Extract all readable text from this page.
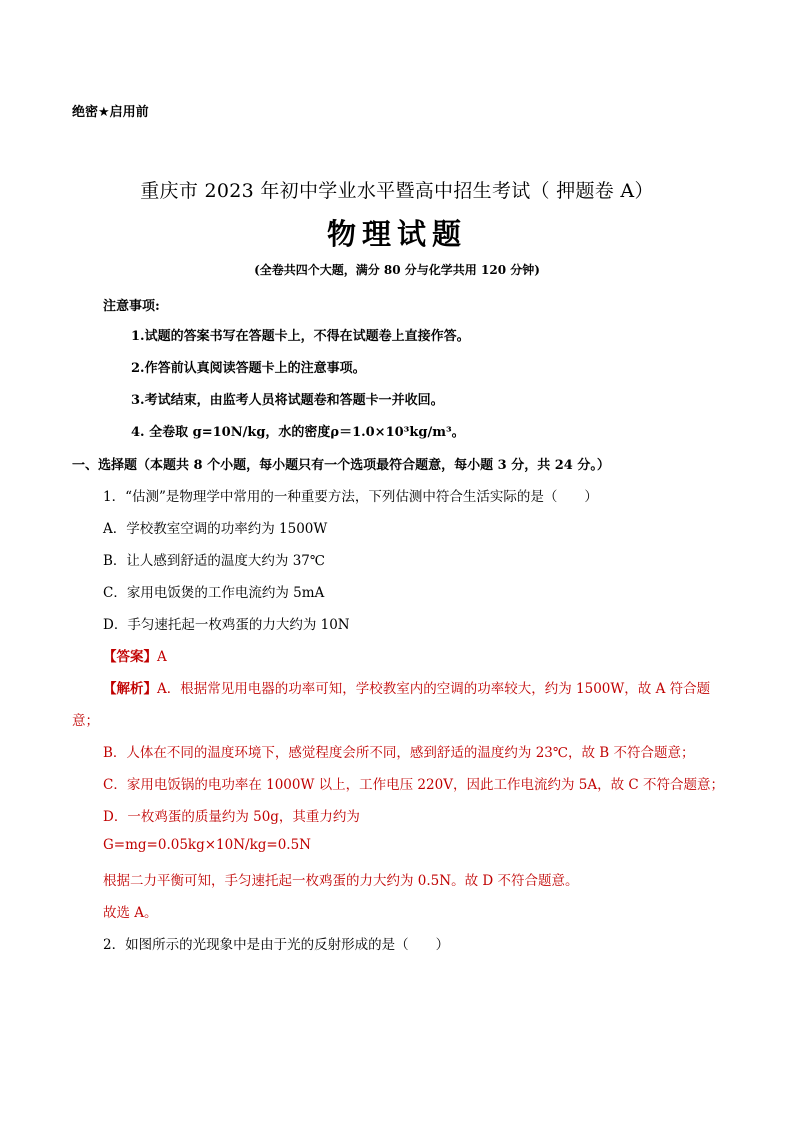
绝密★启用前
重庆市 2023 年初中学业水平暨高中招生考试（ 押题卷 A）
物理试题
(全卷共四个大题，满分 80 分与化学共用 120 分钟)
注意事项:
1.试题的答案书写在答题卡上，不得在试题卷上直接作答。
2.作答前认真阅读答题卡上的注意事项。
3.考试结束，由监考人员将试题卷和答题卡一并收回。
4. 全卷取 g=10N/kg，水的密度ρ＝1.0×10³kg/m³。
一、选择题（本题共 8 个小题，每小题只有一个选项最符合题意，每小题 3 分，共 24 分。）
1．“估测”是物理学中常用的一种重要方法，下列估测中符合生活实际的是（　　）
A．学校教室空调的功率约为 1500W
B．让人感到舒适的温度大约为 37℃
C．家用电饭煲的工作电流约为 5mA
D．手匀速托起一枚鸡蛋的力大约为 10N
【答案】A
【解析】A．根据常见用电器的功率可知，学校教室内的空调的功率较大，约为 1500W，故 A 符合题
意；
B．人体在不同的温度环境下，感觉程度会所不同，感到舒适的温度约为 23℃，故 B 不符合题意；
C．家用电饭锅的电功率在 1000W 以上，工作电压 220V，因此工作电流约为 5A，故 C 不符合题意；
D．一枚鸡蛋的质量约为 50g，其重力约为
G=mg=0.05kg×10N/kg=0.5N
根据二力平衡可知，手匀速托起一枚鸡蛋的力大约为 0.5N。故 D 不符合题意。
故选 A。
2．如图所示的光现象中是由于光的反射形成的是（　　）
